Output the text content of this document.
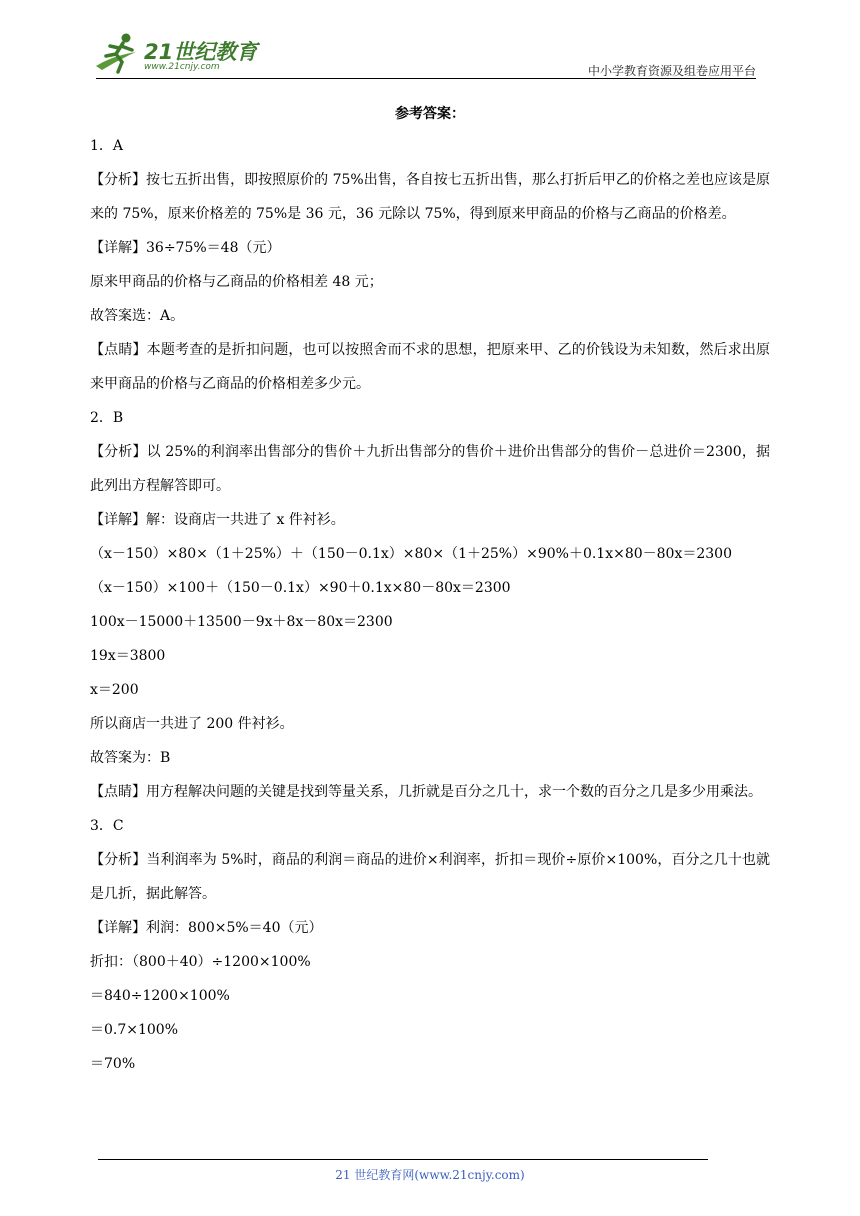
21世纪教育
www.21cnjy.com	中小学教育资源及组卷应用平台
参考答案：
1．A
【分析】按七五折出售，即按照原价的 75%出售，各自按七五折出售，那么打折后甲乙的价格之差也应该是原来的 75%，原来价格差的 75%是 36 元，36 元除以 75%，得到原来甲商品的价格与乙商品的价格差。
【详解】36÷75%＝48（元）
原来甲商品的价格与乙商品的价格相差 48 元；
故答案选：A。
【点睛】本题考查的是折扣问题，也可以按照舍而不求的思想，把原来甲、乙的价钱设为未知数，然后求出原来甲商品的价格与乙商品的价格相差多少元。
2．B
【分析】以 25%的利润率出售部分的售价＋九折出售部分的售价＋进价出售部分的售价－总进价＝2300，据此列出方程解答即可。
【详解】解：设商店一共进了 x 件衬衫。
（x－150）×80×（1＋25%）＋（150－0.1x）×80×（1＋25%）×90%＋0.1x×80－80x＝2300
（x－150）×100＋（150－0.1x）×90＋0.1x×80－80x＝2300
100x－15000＋13500－9x＋8x－80x＝2300
19x＝3800
x＝200
所以商店一共进了 200 件衬衫。
故答案为：B
【点睛】用方程解决问题的关键是找到等量关系，几折就是百分之几十，求一个数的百分之几是多少用乘法。
3．C
【分析】当利润率为 5%时，商品的利润＝商品的进价×利润率，折扣＝现价÷原价×100%，百分之几十也就是几折，据此解答。
【详解】利润：800×5%＝40（元）
折扣：（800＋40）÷1200×100%
＝840÷1200×100%
＝0.7×100%
＝70%
21 世纪教育网(www.21cnjy.com)
